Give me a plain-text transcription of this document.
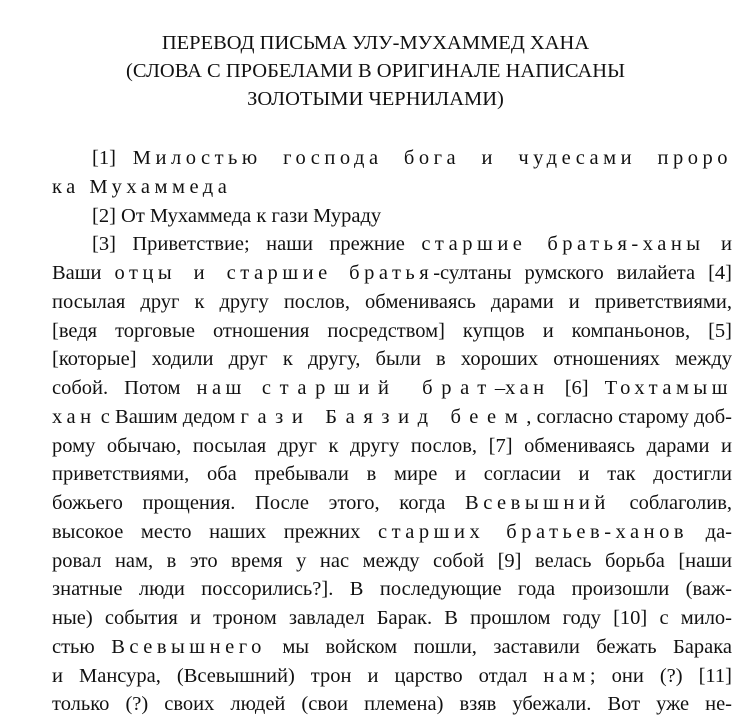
ПЕРЕВОД ПИСЬМА УЛУ-МУХАММЕД ХАНА
(СЛОВА С ПРОБЕЛАМИ В ОРИГИНАЛЕ НАПИСАНЫ
ЗОЛОТЫМИ ЧЕРНИЛАМИ)
[1] Милостью господа бога и чудесами проро
ка Мухаммеда
[2] От Мухаммеда к гази Мураду
[3] Приветствие; наши прежние старшие братья-ханы и
Ваши отцы и старшие братья-султаны румского вилайета [4]
посылая друг к другу послов, обмениваясь дарами и приветствиями,
[ведя торговые отношения посредством] купцов и компаньонов, [5]
[которые] ходили друг к другу, были в хороших отношениях между
собой. Потом наш старший брат–хан [6] Тохтамыш
хан с Вашим дедом гази Баязид беем, согласно старому доб-
рому обычаю, посылая друг к другу послов, [7] обмениваясь дарами и
приветствиями, оба пребывали в мире и согласии и так достигли
божьего прощения. После этого, когда Всевышний соблаголив,
высокое место наших прежних старших братьев-ханов да-
ровал нам, в это время у нас между собой [9] велась борьба [наши
знатные люди поссорились?]. В последующие года произошли (важ-
ные) события и троном завладел Барак. В прошлом году [10] с мило-
стью Всевышнего мы войском пошли, заставили бежать Барака
и Мансура, (Всевышний) трон и царство отдал нам; они (?) [11]
только (?) своих людей (свои племена) взяв убежали. Вот уже не-
